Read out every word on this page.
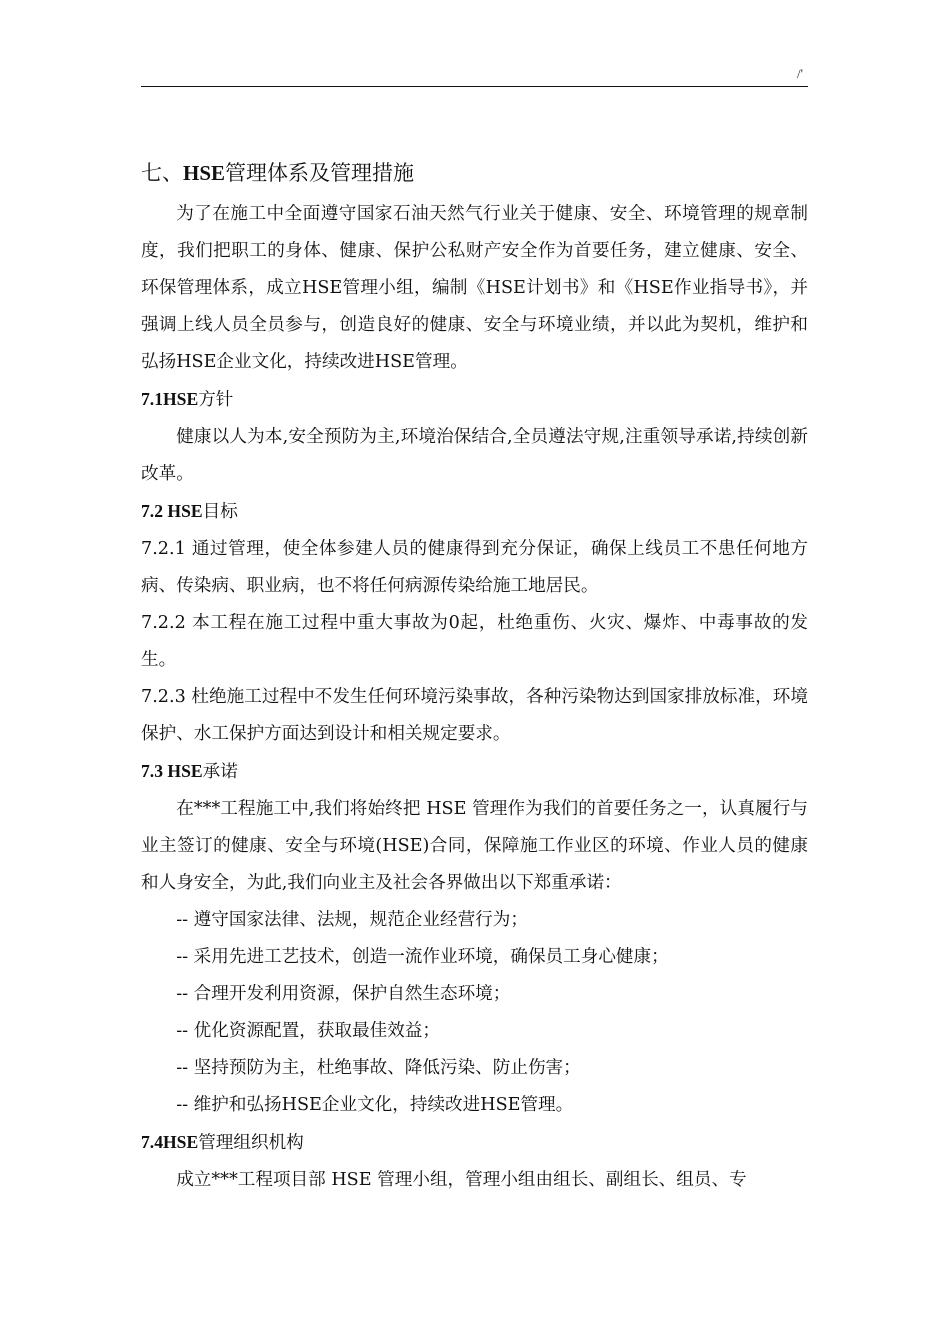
/'

七、HSE管理体系及管理措施

为了在施工中全面遵守国家石油天然气行业关于健康、安全、环境管理的规章制度，我们把职工的身体、健康、保护公私财产安全作为首要任务，建立健康、安全、环保管理体系，成立HSE管理小组，编制《HSE计划书》和《HSE作业指导书》，并强调上线人员全员参与，创造良好的健康、安全与环境业绩，并以此为契机，维护和弘扬HSE企业文化，持续改进HSE管理。

7.1HSE方针

健康以人为本,安全预防为主,环境治保结合,全员遵法守规,注重领导承诺,持续创新改革。

7.2 HSE目标

7.2.1 通过管理，使全体参建人员的健康得到充分保证，确保上线员工不患任何地方病、传染病、职业病，也不将任何病源传染给施工地居民。

7.2.2 本工程在施工过程中重大事故为0起，杜绝重伤、火灾、爆炸、中毒事故的发生。

7.2.3 杜绝施工过程中不发生任何环境污染事故，各种污染物达到国家排放标准，环境保护、水工保护方面达到设计和相关规定要求。

7.3 HSE承诺

在***工程施工中,我们将始终把 HSE 管理作为我们的首要任务之一，认真履行与业主签订的健康、安全与环境(HSE)合同，保障施工作业区的环境、作业人员的健康和人身安全，为此,我们向业主及社会各界做出以下郑重承诺：

-- 遵守国家法律、法规，规范企业经营行为；

-- 采用先进工艺技术，创造一流作业环境，确保员工身心健康；

-- 合理开发利用资源，保护自然生态环境；

-- 优化资源配置，获取最佳效益；

-- 坚持预防为主，杜绝事故、降低污染、防止伤害；

-- 维护和弘扬HSE企业文化，持续改进HSE管理。

7.4HSE管理组织机构

成立***工程项目部 HSE 管理小组，管理小组由组长、副组长、组员、专
